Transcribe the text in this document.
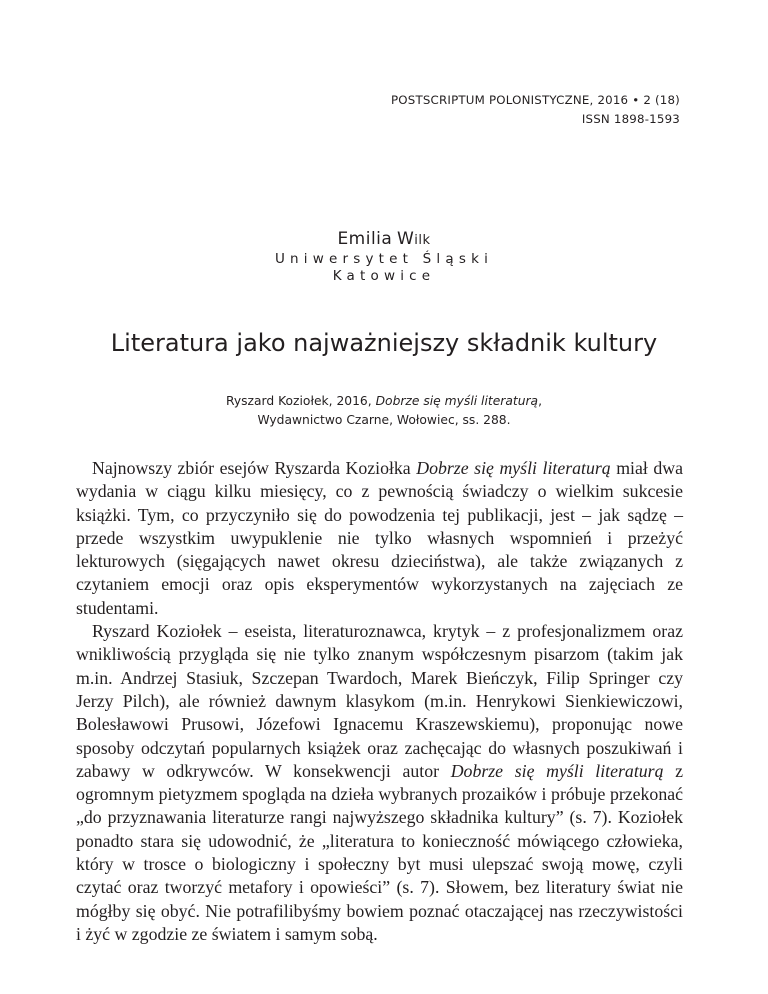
POSTSCRIPTUM POLONISTYCZNE, 2016 • 2 (18)
ISSN 1898-1593
Emilia Wilk
Uniwersytet Śląski
Katowice
Literatura jako najważniejszy składnik kultury
Ryszard Koziołek, 2016, Dobrze się myśli literaturą,
Wydawnictwo Czarne, Wołowiec, ss. 288.

Najnowszy zbiór esejów Ryszarda Koziołka Dobrze się myśli literaturą miał dwa wydania w ciągu kilku miesięcy, co z pewnością świadczy o wielkim sukcesie książki. Tym, co przyczyniło się do powodzenia tej publikacji, jest – jak sądzę – przede wszystkim uwypuklenie nie tylko własnych wspomnień i przeżyć lekturowych (sięgających nawet okresu dzieciństwa), ale także związanych z czytaniem emocji oraz opis eksperymentów wykorzystanych na zajęciach ze studentami.

Ryszard Koziołek – eseista, literaturoznawca, krytyk – z profesjonalizmem oraz wnikliwością przygląda się nie tylko znanym współczesnym pisarzom (takim jak m.in. Andrzej Stasiuk, Szczepan Twardoch, Marek Bieńczyk, Filip Springer czy Jerzy Pilch), ale również dawnym klasykom (m.in. Henrykowi Sienkiewiczowi, Bolesławowi Prusowi, Józefowi Ignacemu Kraszewskiemu), proponując nowe sposoby odczytań popularnych książek oraz zachęcając do własnych poszukiwań i zabawy w odkrywców. W konsekwencji autor Dobrze się myśli literaturą z ogromnym pietyzmem spogląda na dzieła wybranych prozaików i próbuje przekonać „do przyznawania literaturze rangi najwyższego składnika kultury” (s. 7). Koziołek ponadto stara się udowodnić, że „literatura to konieczność mówiącego człowieka, który w trosce o biologiczny i społeczny byt musi ulepszać swoją mowę, czyli czytać oraz tworzyć metafory i opowieści” (s. 7). Słowem, bez literatury świat nie mógłby się obyć. Nie potrafilibyśmy bowiem poznać otaczającej nas rzeczywistości i żyć w zgodzie ze światem i samym sobą.
